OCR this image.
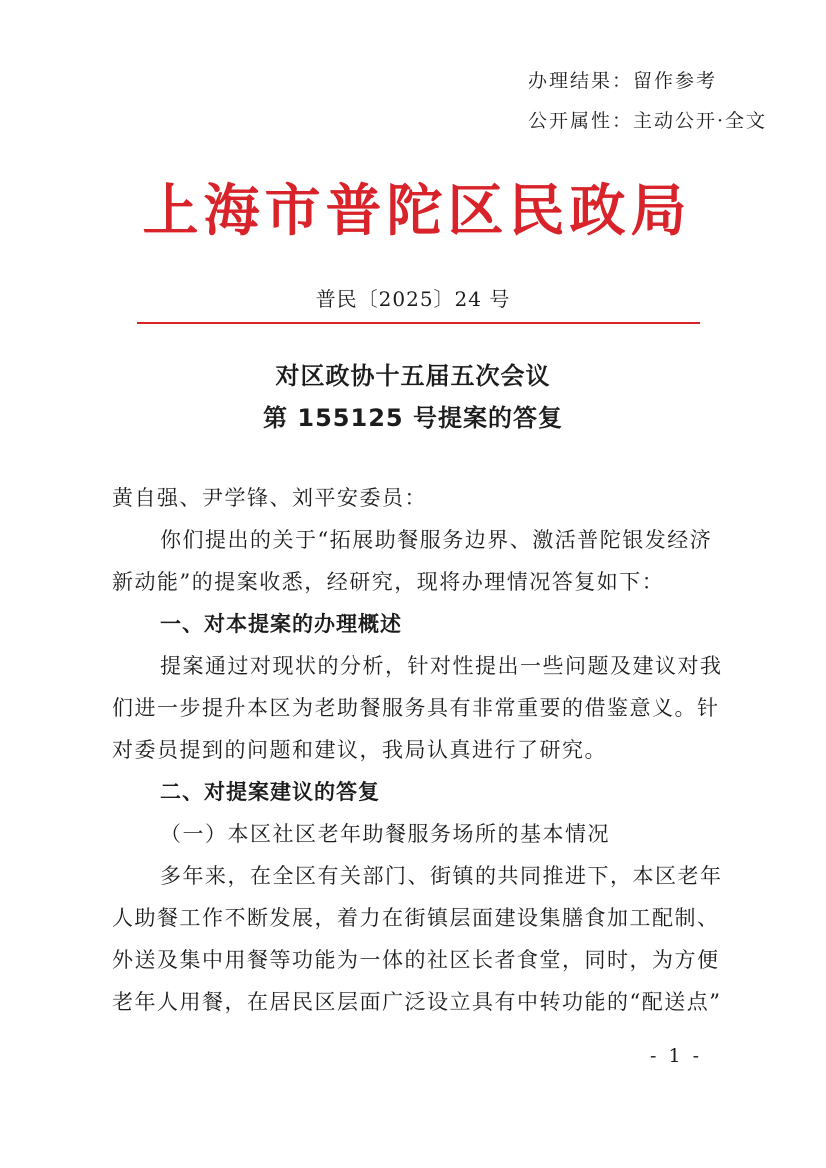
办理结果：留作参考
公开属性：主动公开·全文
上海市普陀区民政局
普民〔2025〕24 号
对区政协十五届五次会议
第 155125 号提案的答复
黄自强、尹学锋、刘平安委员：
你们提出的关于“拓展助餐服务边界、激活普陀银发经济
新动能”的提案收悉，经研究，现将办理情况答复如下：
一、对本提案的办理概述
提案通过对现状的分析，针对性提出一些问题及建议对我
们进一步提升本区为老助餐服务具有非常重要的借鉴意义。针
对委员提到的问题和建议，我局认真进行了研究。
二、对提案建议的答复
（一）本区社区老年助餐服务场所的基本情况
多年来，在全区有关部门、街镇的共同推进下，本区老年
人助餐工作不断发展，着力在街镇层面建设集膳食加工配制、
外送及集中用餐等功能为一体的社区长者食堂，同时，为方便
老年人用餐，在居民区层面广泛设立具有中转功能的“配送点”
- 1 -
